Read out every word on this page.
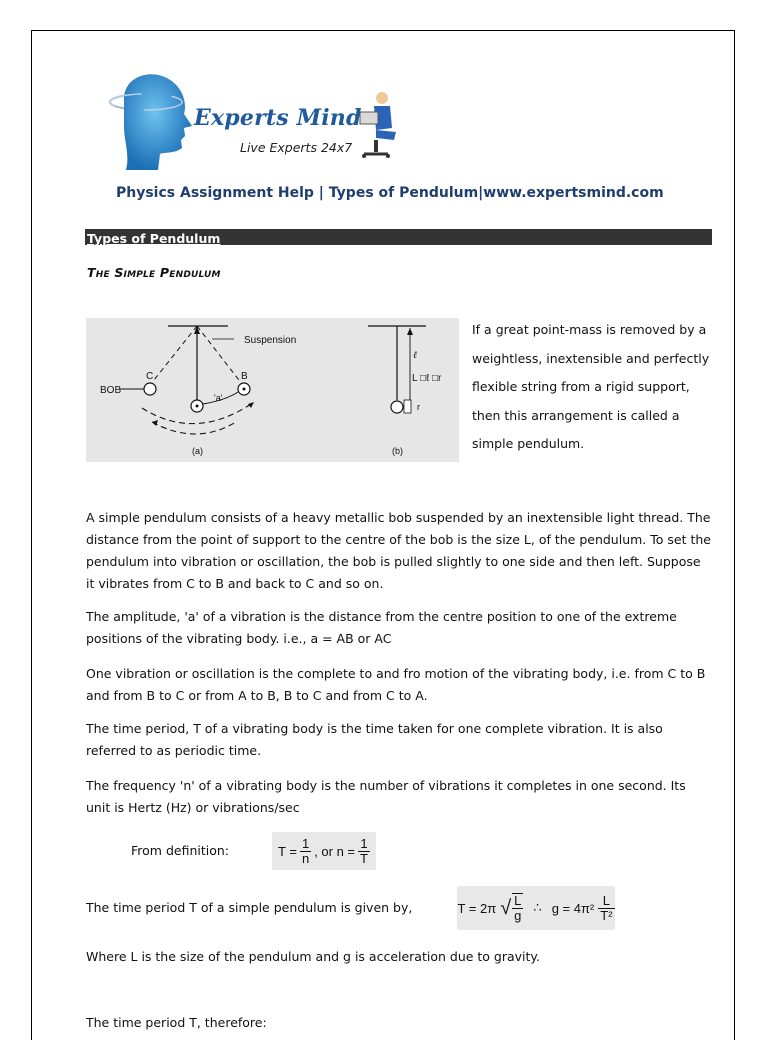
Experts Mind
Live Experts 24x7
Physics Assignment Help | Types of Pendulum|www.expertsmind.com
Types of Pendulum
The Simple Pendulum
Suspension
BOB
C	B
'a'
(a)
ℓ
L □ℓ □r
r
(b)
If a great point-mass is removed by a
weightless, inextensible and perfectly
flexible string from a rigid support,
then this arrangement is called a
simple pendulum.
A simple pendulum consists of a heavy metallic bob suspended by an inextensible light thread. The distance from the point of support to the centre of the bob is the size L, of the pendulum. To set the pendulum into vibration or oscillation, the bob is pulled slightly to one side and then left. Suppose it vibrates from C to B and back to C and so on.
The amplitude, 'a' of a vibration is the distance from the centre position to one of the extreme positions of the vibrating body. i.e., a = AB or AC
One vibration or oscillation is the complete to and fro motion of the vibrating body, i.e. from C to B and from B to C or from A to B, B to C and from C to A.
The time period, T of a vibrating body is the time taken for one complete vibration. It is also referred to as periodic time.
The frequency 'n' of a vibrating body is the number of vibrations it completes in one second. Its unit is Hertz (Hz) or vibrations/sec
From definition:	$T = \frac{1}{n}$ , or $n = \frac{1}{T}$
The time period T of a simple pendulum is given by,	T = 2π √ $\frac{L}{g}$ ∴ $g = 4\pi^2 \frac{L}{\text{T²}}$
Where L is the size of the pendulum and g is acceleration due to gravity.
The time period T, therefore:
